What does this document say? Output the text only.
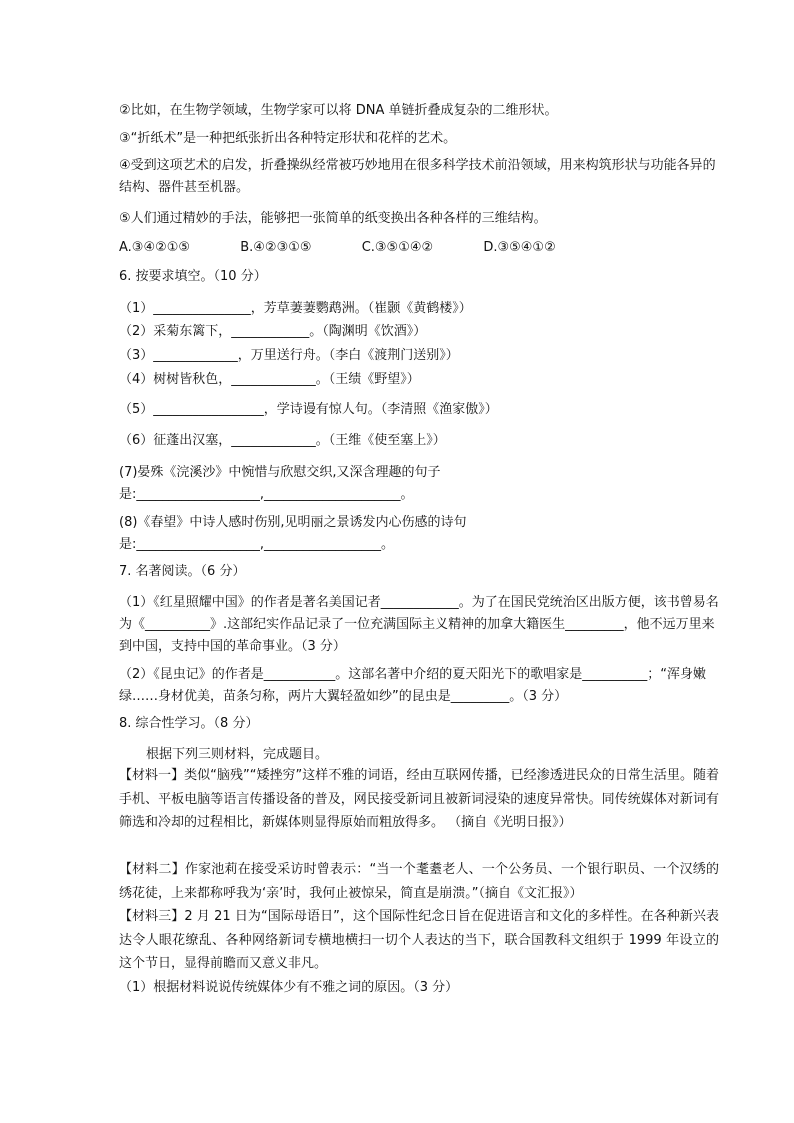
②比如，在生物学领域，生物学家可以将 DNA 单链折叠成复杂的二维形状。
③“折纸术”是一种把纸张折出各种特定形状和花样的艺术。
④受到这项艺术的启发，折叠操纵经常被巧妙地用在很多科学技术前沿领域，用来构筑形状与功能各异的结构、器件甚至机器。
⑤人们通过精妙的手法，能够把一张简单的纸变换出各种各样的三维结构。
A.③④②①⑤	B.④②③①⑤	C.③⑤①④②	D.③⑤④①②
6. 按要求填空。（10 分）
（1）_______________，芳草萋萋鹦鹉洲。（崔颢《黄鹤楼》）
（2）采菊东篱下，____________。（陶渊明《饮酒》）
（3）_____________，万里送行舟。（李白《渡荆门送别》）
（4）树树皆秋色，_____________。（王绩《野望》）
（5）_________________，学诗谩有惊人句。（李清照《渔家傲》）
（6）征蓬出汉塞，_____________。（王维《使至塞上》）
(7)晏殊《浣溪沙》中惋惜与欣慰交织,又深含理趣的句子是:___________________,_____________________。
(8)《春望》中诗人感时伤别,见明丽之景诱发内心伤感的诗句是:___________________,__________________。
7. 名著阅读。（6 分）
（1）《红星照耀中国》的作者是著名美国记者____________。为了在国民党统治区出版方便，该书曾易名为《__________》.这部纪实作品记录了一位充满国际主义精神的加拿大籍医生_________，他不远万里来到中国，支持中国的革命事业。（3 分）
（2）《昆虫记》的作者是___________。这部名著中介绍的夏天阳光下的歌唱家是__________；“浑身嫩绿……身材优美，苗条匀称，两片大翼轻盈如纱”的昆虫是_________。（3 分）
8. 综合性学习。（8 分）
根据下列三则材料，完成题目。
【材料一】类似“脑残”“矮挫穷”这样不雅的词语，经由互联网传播，已经渗透进民众的日常生活里。随着手机、平板电脑等语言传播设备的普及，网民接受新词且被新词浸染的速度异常快。同传统媒体对新词有筛选和冷却的过程相比，新媒体则显得原始而粗放得多。 （摘自《光明日报》）
【材料二】作家池莉在接受采访时曾表示：“当一个耄耋老人、一个公务员、一个银行职员、一个汉绣的绣花徒，上来都称呼我为‘亲’时，我何止被惊呆，简直是崩溃。”（摘自《文汇报》）
【材料三】2 月 21 日为“国际母语日”，这个国际性纪念日旨在促进语言和文化的多样性。在各种新兴表达令人眼花缭乱、各种网络新词专横地横扫一切个人表达的当下，联合国教科文组织于 1999 年设立的这个节日，显得前瞻而又意义非凡。
（1）根据材料说说传统媒体少有不雅之词的原因。（3 分）
